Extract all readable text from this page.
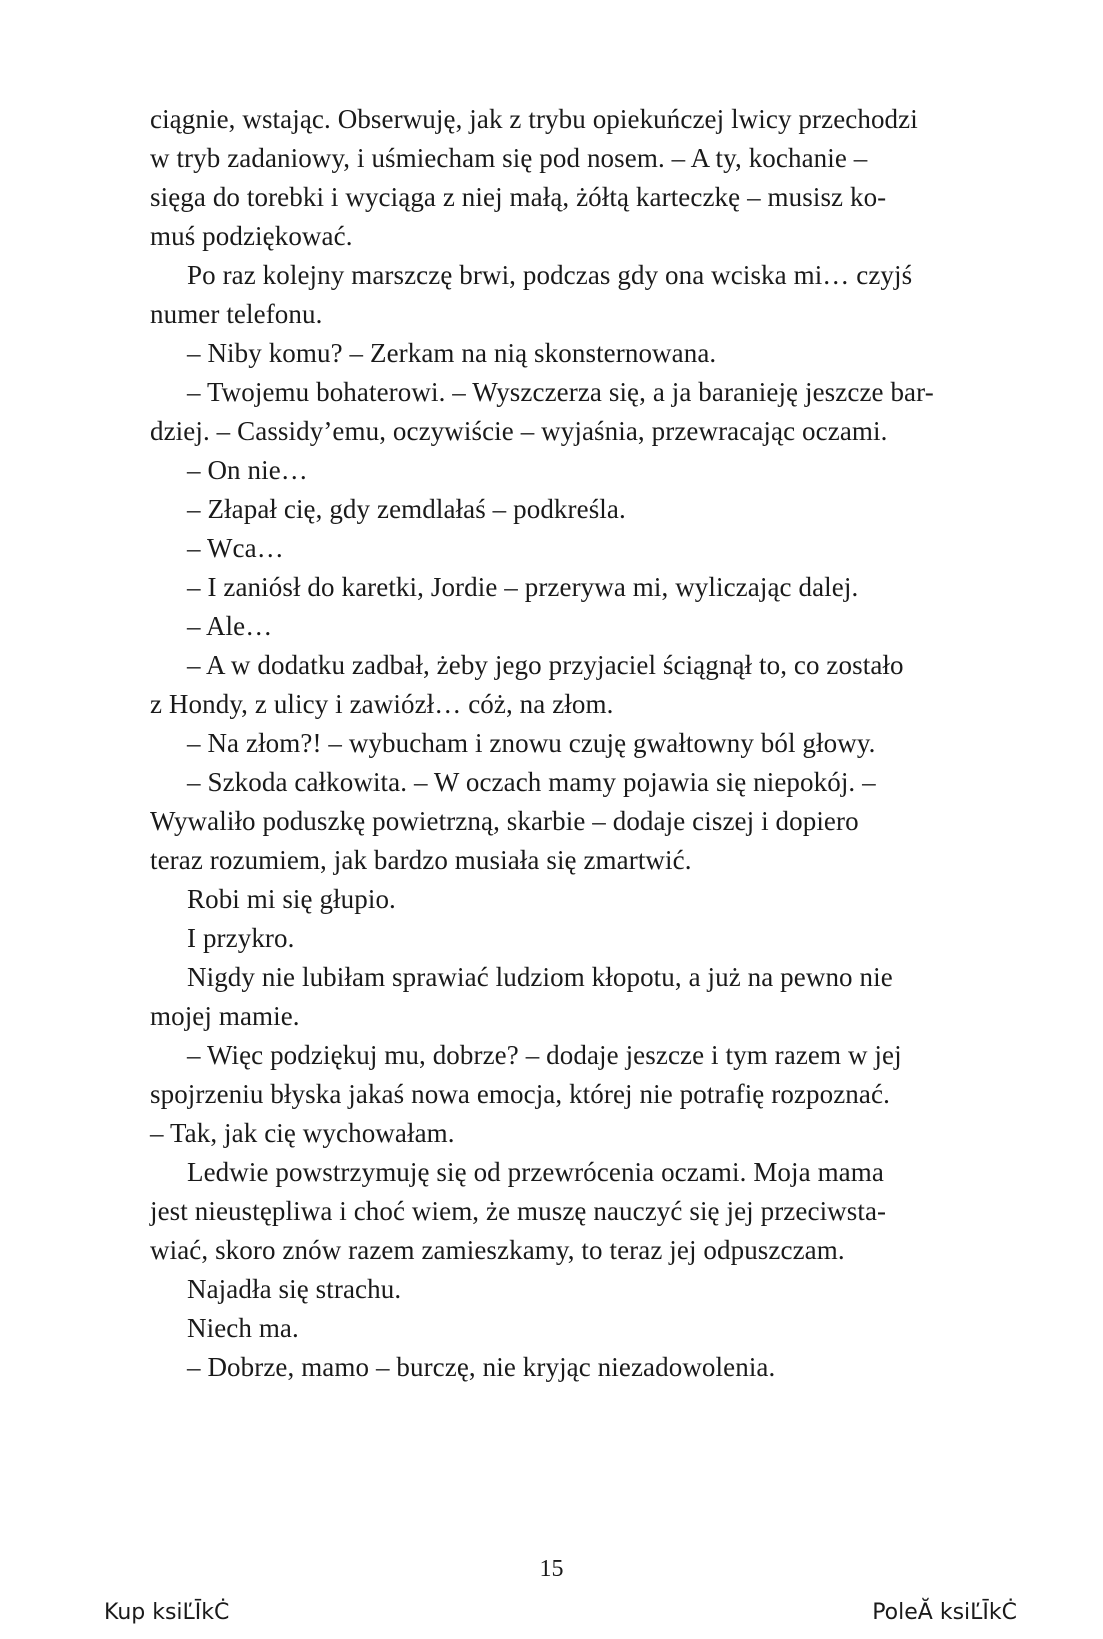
ciągnie, wstając. Obserwuję, jak z trybu opiekuńczej lwicy przechodzi
w tryb zadaniowy, i uśmiecham się pod nosem. – A ty, kochanie –
sięga do torebki i wyciąga z niej małą, żółtą karteczkę – musisz ko-
muś podziękować.
Po raz kolejny marszczę brwi, podczas gdy ona wciska mi… czyjś
numer telefonu.
– Niby komu? – Zerkam na nią skonsternowana.
– Twojemu bohaterowi. – Wyszczerza się, a ja baranieję jeszcze bar-
dziej. – Cassidy’emu, oczywiście – wyjaśnia, przewracając oczami.
– On nie…
– Złapał cię, gdy zemdlałaś – podkreśla.
– Wca…
– I zaniósł do karetki, Jordie – przerywa mi, wyliczając dalej.
– Ale…
– A w dodatku zadbał, żeby jego przyjaciel ściągnął to, co zostało
z Hondy, z ulicy i zawiózł… cóż, na złom.
– Na złom?! – wybucham i znowu czuję gwałtowny ból głowy.
– Szkoda całkowita. – W oczach mamy pojawia się niepokój. –
Wywaliło poduszkę powietrzną, skarbie – dodaje ciszej i dopiero
teraz rozumiem, jak bardzo musiała się zmartwić.
Robi mi się głupio.
I przykro.
Nigdy nie lubiłam sprawiać ludziom kłopotu, a już na pewno nie
mojej mamie.
– Więc podziękuj mu, dobrze? – dodaje jeszcze i tym razem w jej
spojrzeniu błyska jakaś nowa emocja, której nie potrafię rozpoznać.
– Tak, jak cię wychowałam.
Ledwie powstrzymuję się od przewrócenia oczami. Moja mama
jest nieustępliwa i choć wiem, że muszę nauczyć się jej przeciwsta-
wiać, skoro znów razem zamieszkamy, to teraz jej odpuszczam.
Najadła się strachu.
Niech ma.
– Dobrze, mamo – burczę, nie kryjąc niezadowolenia.
15
Kup ksiĽĪkĊ	PoleĂ ksiĽĪkĊ
